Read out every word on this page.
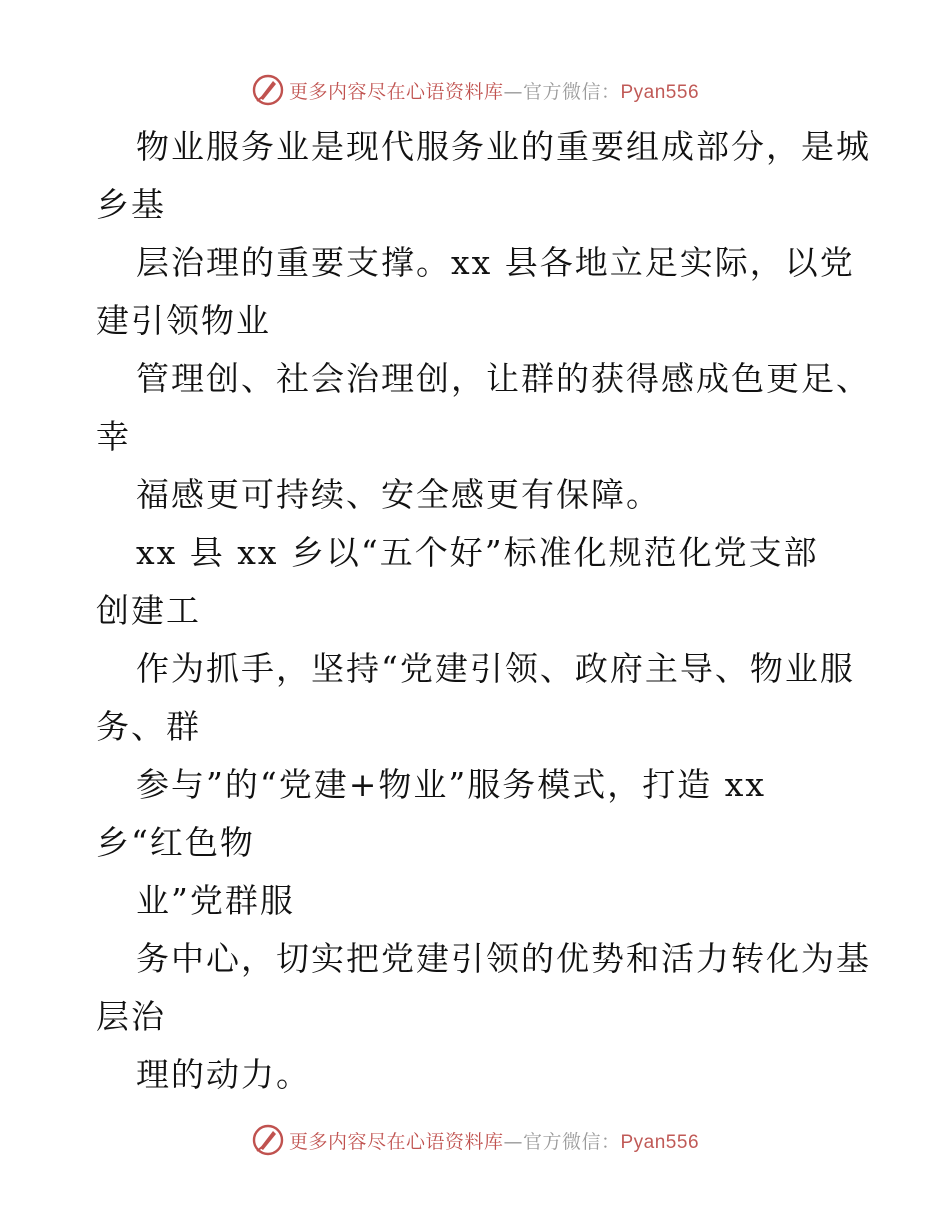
更多内容尽在心语资料库—官方微信：Pyan556
物业服务业是现代服务业的重要组成部分，是城
乡基
层治理的重要支撑。xx 县各地立足实际，以党
建引领物业
管理创、社会治理创，让群的获得感成色更足、
幸
福感更可持续、安全感更有保障。
xx 县 xx 乡以“五个好”标准化规范化党支部
创建工
作为抓手，坚持“党建引领、政府主导、物业服
务、群
参与”的“党建+物业”服务模式，打造 xx
乡“红色物
业”党群服
务中心，切实把党建引领的优势和活力转化为基
层治
理的动力。
更多内容尽在心语资料库—官方微信：Pyan556
